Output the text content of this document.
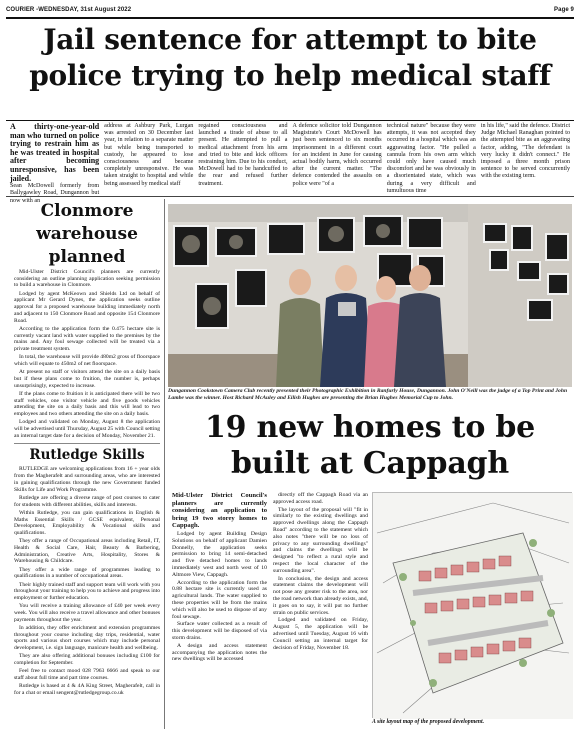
COURIER -WEDNESDAY, 31st August 2022	Page 9
Jail sentence for attempt to bite
police trying to help medical staff
A thirty-one-year-old man who turned on police trying to restrain him as he was treated in hospital after becoming unresponsive, has been jailed.
Sean McDowell formerly from Ballygawley Road, Dungannon but now with an
address at Ashbury Park, Lurgan was arrested on 30 December last year, in relation to a separate matter but while being transported to custody, he appeared to lose consciousness and became completely unresponsive. He was taken straight to hospital and while being assessed by medical staff
regained consciousness and launched a tirade of abuse to all present. He attempted to pull a medical attachment from his arm and tried to bite and kick officers restraining him. Due to his conduct, McDowell had to be handcuffed to the rear and refused further treatment.
A defence solicitor told Dungannon Magistrate's Court McDowell has just been sentenced to six months imprisonment in a different court for an incident in June for causing actual bodily harm, which occurred after the current matter. "The defence contended the assaults on police were "of a
technical nature" because they were attempts, it was not accepted they occurred in a hospital which was an aggravating factor. "He pulled a cannula from his own arm which could only have caused much discomfort and he was obviously in a disorientated state, which was during a very difficult and tumultuous time
in his life," said the defence. District Judge Michael Ranaghan pointed to the attempted bite as an aggravating factor, adding, "The defendant is very lucky it didn't connect." He imposed a three month prison sentence to be served concurrently with the existing term.
Clonmore warehouse planned

Mid-Ulster District Council's planners are currently considering an outline planning application seeking permission to build a warehouse in Clonmore.

Lodged by agent McKeown and Shields Ltd on behalf of applicant Mr Gerard Dynes, the application seeks outline approval for a proposed warehouse building immediately north and adjacent to 150 Clonmore Road and opposite 154 Clonmore Road.

According to the application form the 0.475 hectare site is currently vacant land with water supplied to the premises by the mains and. Any foul sewage collected will be treated via a private treatment system.

In total, the warehouse will provide 480m2 gross of floorspace which will equate to 450m2 of net floorspace.

At present no staff or visitors attend the site on a daily basis but if these plans come to fruition, the number is, perhaps unsurprisingly, expected to increase.

If the plans come to fruition it is anticipated there will be two staff vehicles, one visitor vehicle and five goods vehicles attending the site on a daily basis and this will lead to two employees and two others attending the site on a daily basis.

Lodged and validated on Monday, August 8 the application will be advertised until Thursday, August 25 with Council setting an internal target date for a decision of Monday, November 21.

Rutledge Skills

RUTLEDGE are welcoming applications from 16 + year olds from the Magherafelt and surrounding areas, who are interested in gaining qualifications through the new Government funded Skills for Life and Work Programme.

Rutledge are offering a diverse range of post courses to cater for students with different abilities, skills and interests.

Within Rutledge, you can gain qualifications in English & Maths Essential Skills / GCSE equivalent, Personal Development, Employability & Vocational skills and qualifications.

They offer a range of Occupational areas including Retail, IT, Health & Social Care, Hair, Beauty & Barbering, Administration, Creative Arts, Hospitality, Stores & Warehousing & Childcare.

They offer a wide range of programmes leading to qualifications in a number of occupational areas.

Their highly trained staff and support team will work with you throughout your training to help you to achieve and progress into employment or further education.

You will receive a training allowance of £40 per week every week. You will also receive a travel allowance and other bonuses payments throughout the year.

In addition, they offer enrichment and extension programmes throughout your course including day trips, residential, water sports and various short courses which may include personal development, i.e. sign language, manicure health and wellbeing.

They are also offering additional bonuses including £100 for completion for September.

Feel free to contact mood 028 7963 6666 and speak to our staff about full time and part time courses.

Rutledge is based at 4 & 4A King Street, Magherafelt, call in for a chat or email sengent@rutledgegroup.co.uk

Dungannon Cookstown Camera Club recently presented their Photographic Exhibition in Ranfurly House, Dungannon. John O'Neill was the judge of a Top Print and John Lambe was the winner. Host Richard McAuley and Eilish Hughes are presenting the Brian Hughes Memorial Cup to John.
19 new homes to be built at Cappagh

Mid-Ulster District Council's planners are currently considering an application to bring 19 two storey homes to Cappagh.

Lodged by agent Building Design Solutions on behalf of applicant Damien Donnelly, the application seeks permission to bring 14 semi-detached and five detached homes to lands immediately west and north west of 10 Altmore View, Cappagh.

According to the application form the 0.88 hectare site is currently used as agricultural lands. The water supplied to these properties will be from the mains which will also be used to dispose of any foul sewage.

Surface water collected as a result of this development will be disposed of via storm drains.

A design and access statement accompanying the application notes the new dwellings will be accessed

directly off the Cappagh Road via an approved access road.

The layout of the proposal will "fit in similarly to the existing dwellings and approved dwellings along the Cappagh Road" according to the statement which also notes "there will be no loss of privacy to any surrounding dwellings" and claims the dwellings will be designed "to reflect a rural style and respect the local character of the surrounding area".

In conclusion, the design and access statement claims the development will not pose any greater risk to the area, nor the road network than already exists, and, it goes on to say, it will put no further strain on public services.

Lodged and validated on Friday, August 5, the application will be advertised until Tuesday, August 16 with Council setting an internal target for decision of Friday, November 18.

A site layout map of the proposed development.
